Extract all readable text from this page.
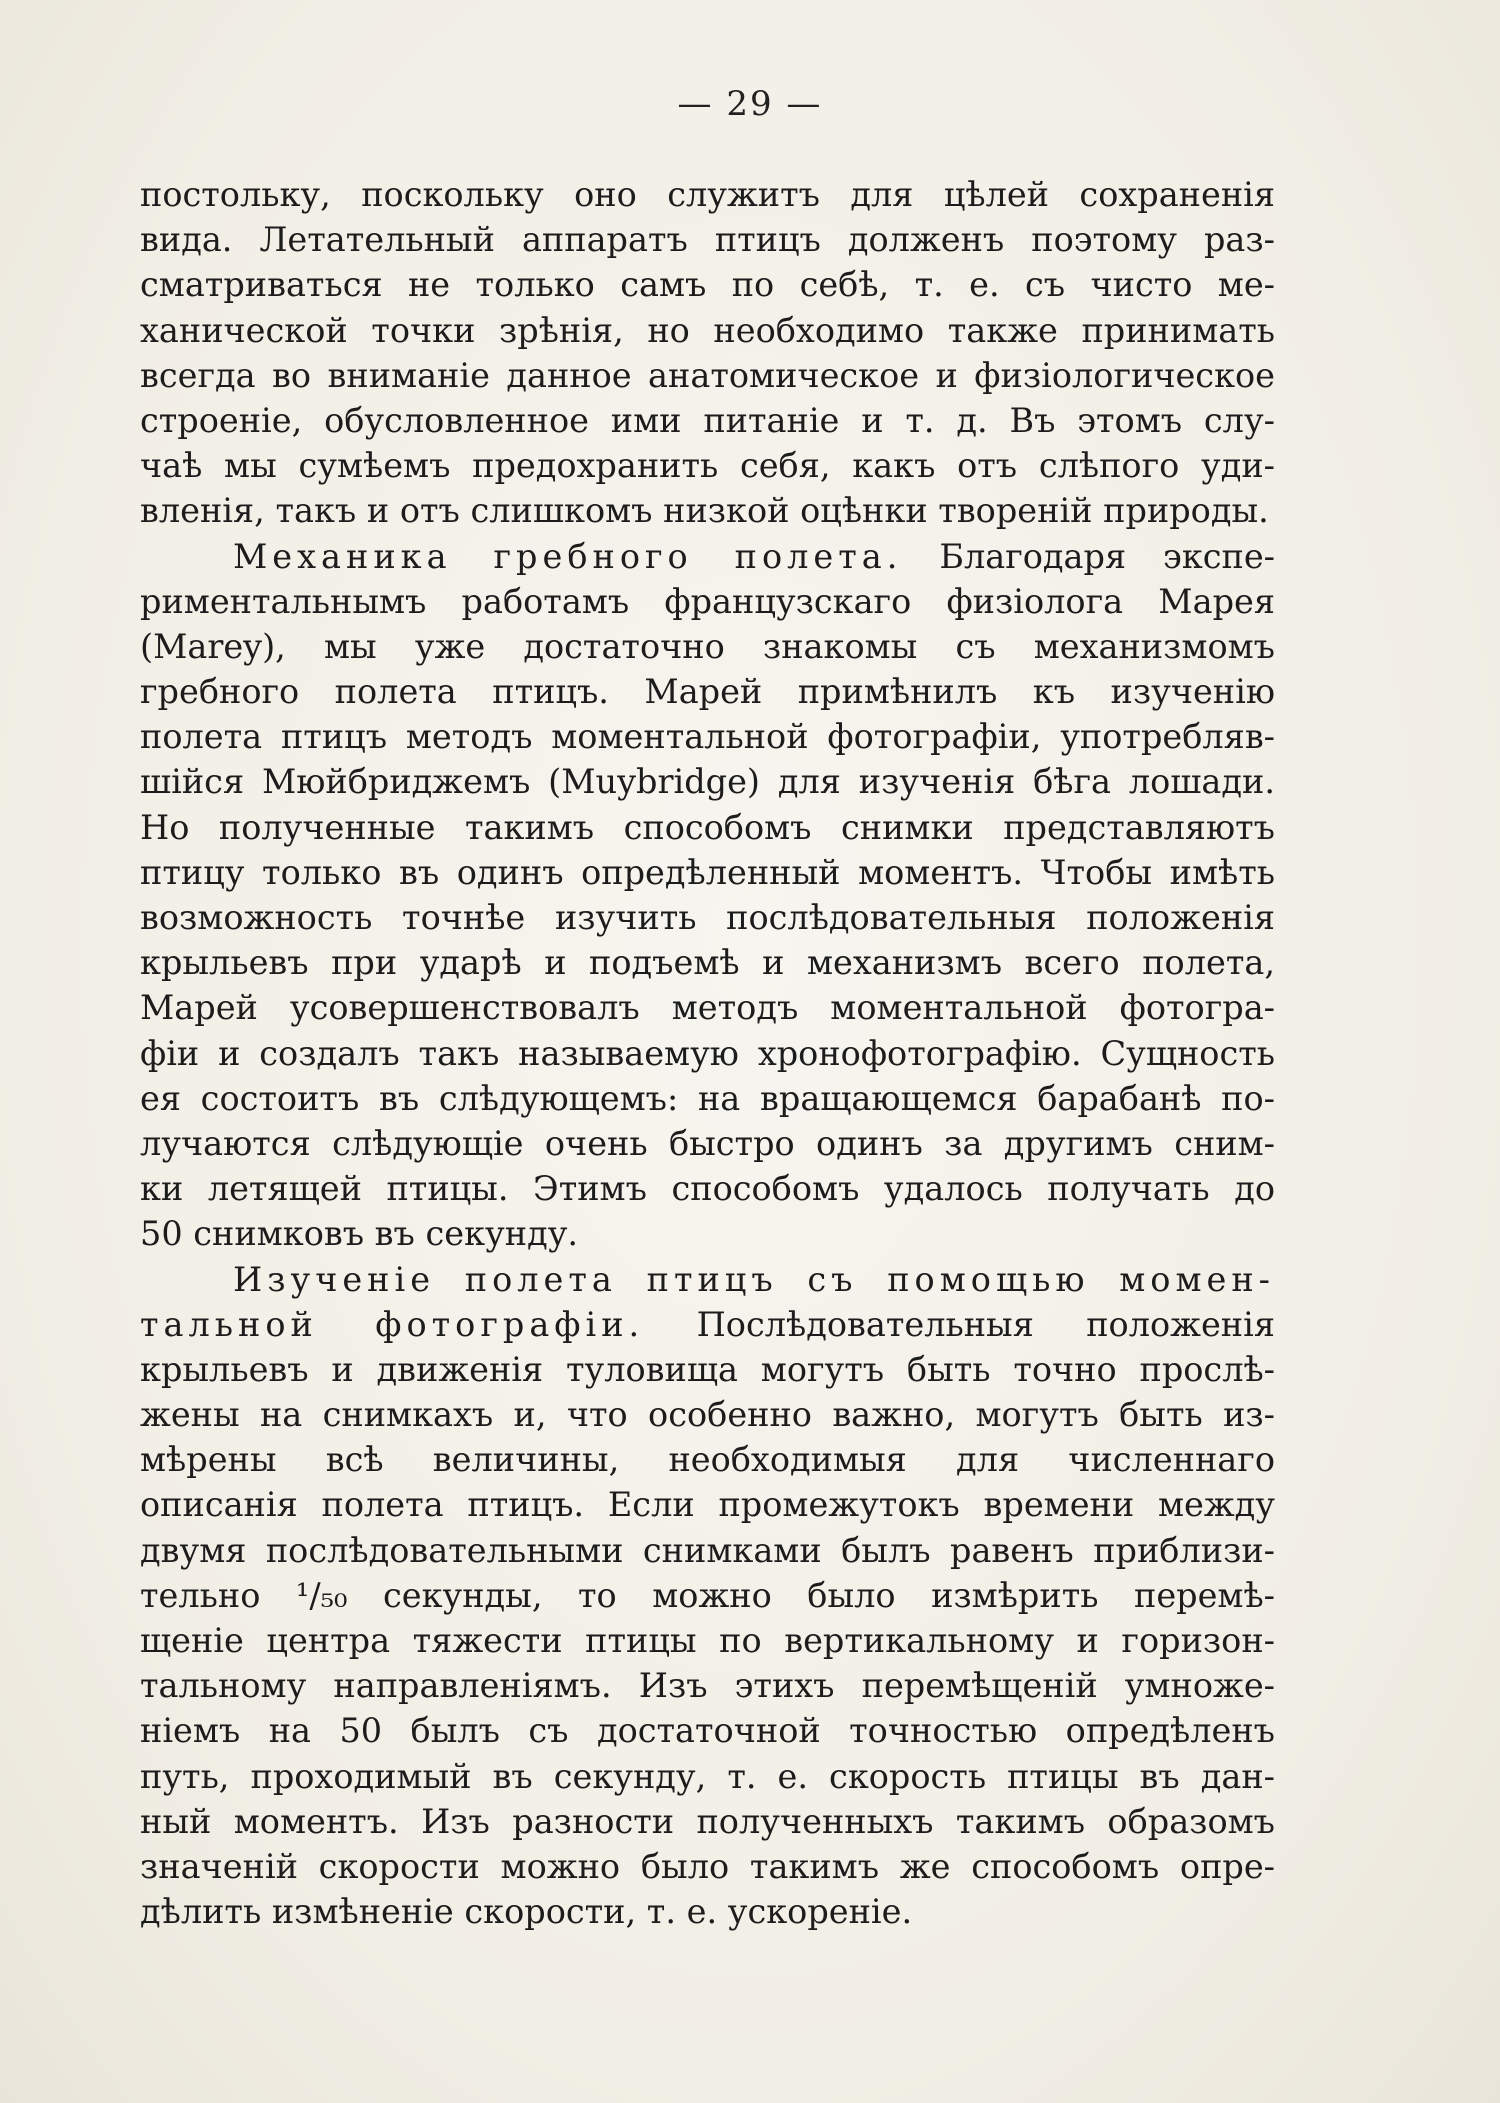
— 29 —
постольку, поскольку оно служитъ для цѣлей сохраненія
вида. Летательный аппаратъ птицъ долженъ поэтому раз-
сматриваться не только самъ по себѣ, т. е. съ чисто ме-
ханической точки зрѣнія, но необходимо также принимать
всегда во вниманіе данное анатомическое и физіологическое
строеніе, обусловленное ими питаніе и т. д. Въ этомъ слу-
чаѣ мы сумѣемъ предохранить себя, какъ отъ слѣпого уди-
вленія, такъ и отъ слишкомъ низкой оцѣнки твореній природы.
Механика гребного полета. Благодаря экспе-
риментальнымъ работамъ французскаго физіолога Марея
(Marey), мы уже достаточно знакомы съ механизмомъ
гребного полета птицъ. Марей примѣнилъ къ изученію
полета птицъ методъ моментальной фотографіи, употребляв-
шійся Мюйбриджемъ (Muybridge) для изученія бѣга лошади.
Но полученные такимъ способомъ снимки представляютъ
птицу только въ одинъ опредѣленный моментъ. Чтобы имѣть
возможность точнѣе изучить послѣдовательныя положенія
крыльевъ при ударѣ и подъемѣ и механизмъ всего полета,
Марей усовершенствовалъ методъ моментальной фотогра-
фіи и создалъ такъ называемую хронофотографію. Сущность
ея состоитъ въ слѣдующемъ: на вращающемся барабанѣ по-
лучаются слѣдующіе очень быстро одинъ за другимъ сним-
ки летящей птицы. Этимъ способомъ удалось получать до
50 снимковъ въ секунду.
Изученіе полета птицъ съ помощью момен-
тальной фотографіи. Послѣдовательныя положенія
крыльевъ и движенія туловища могутъ быть точно прослѣ-
жены на снимкахъ и, что особенно важно, могутъ быть из-
мѣрены всѣ величины, необходимыя для численнаго
описанія полета птицъ. Если промежутокъ времени между
двумя послѣдовательными снимками былъ равенъ приблизи-
тельно ¹/₅₀ секунды, то можно было измѣрить перемѣ-
щеніе центра тяжести птицы по вертикальному и горизон-
тальному направленіямъ. Изъ этихъ перемѣщеній умноже-
ніемъ на 50 былъ съ достаточной точностью опредѣленъ
путь, проходимый въ секунду, т. е. скорость птицы въ дан-
ный моментъ. Изъ разности полученныхъ такимъ образомъ
значеній скорости можно было такимъ же способомъ опре-
дѣлить измѣненіе скорости, т. е. ускореніе.
